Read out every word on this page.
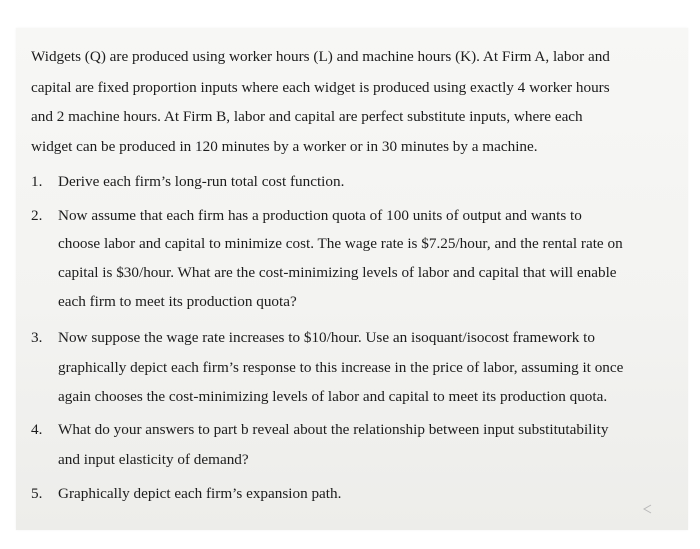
Widgets (Q) are produced using worker hours (L) and machine hours (K). At Firm A, labor and
capital are fixed proportion inputs where each widget is produced using exactly 4 worker hours
and 2 machine hours. At Firm B, labor and capital are perfect substitute inputs, where each
widget can be produced in 120 minutes by a worker or in 30 minutes by a machine.
1. Derive each firm’s long-run total cost function.
2. Now assume that each firm has a production quota of 100 units of output and wants to
choose labor and capital to minimize cost. The wage rate is $7.25/hour, and the rental rate on
capital is $30/hour. What are the cost-minimizing levels of labor and capital that will enable
each firm to meet its production quota?
3. Now suppose the wage rate increases to $10/hour. Use an isoquant/isocost framework to
graphically depict each firm’s response to this increase in the price of labor, assuming it once
again chooses the cost-minimizing levels of labor and capital to meet its production quota.
4. What do your answers to part b reveal about the relationship between input substitutability
and input elasticity of demand?
5. Graphically depict each firm’s expansion path.
